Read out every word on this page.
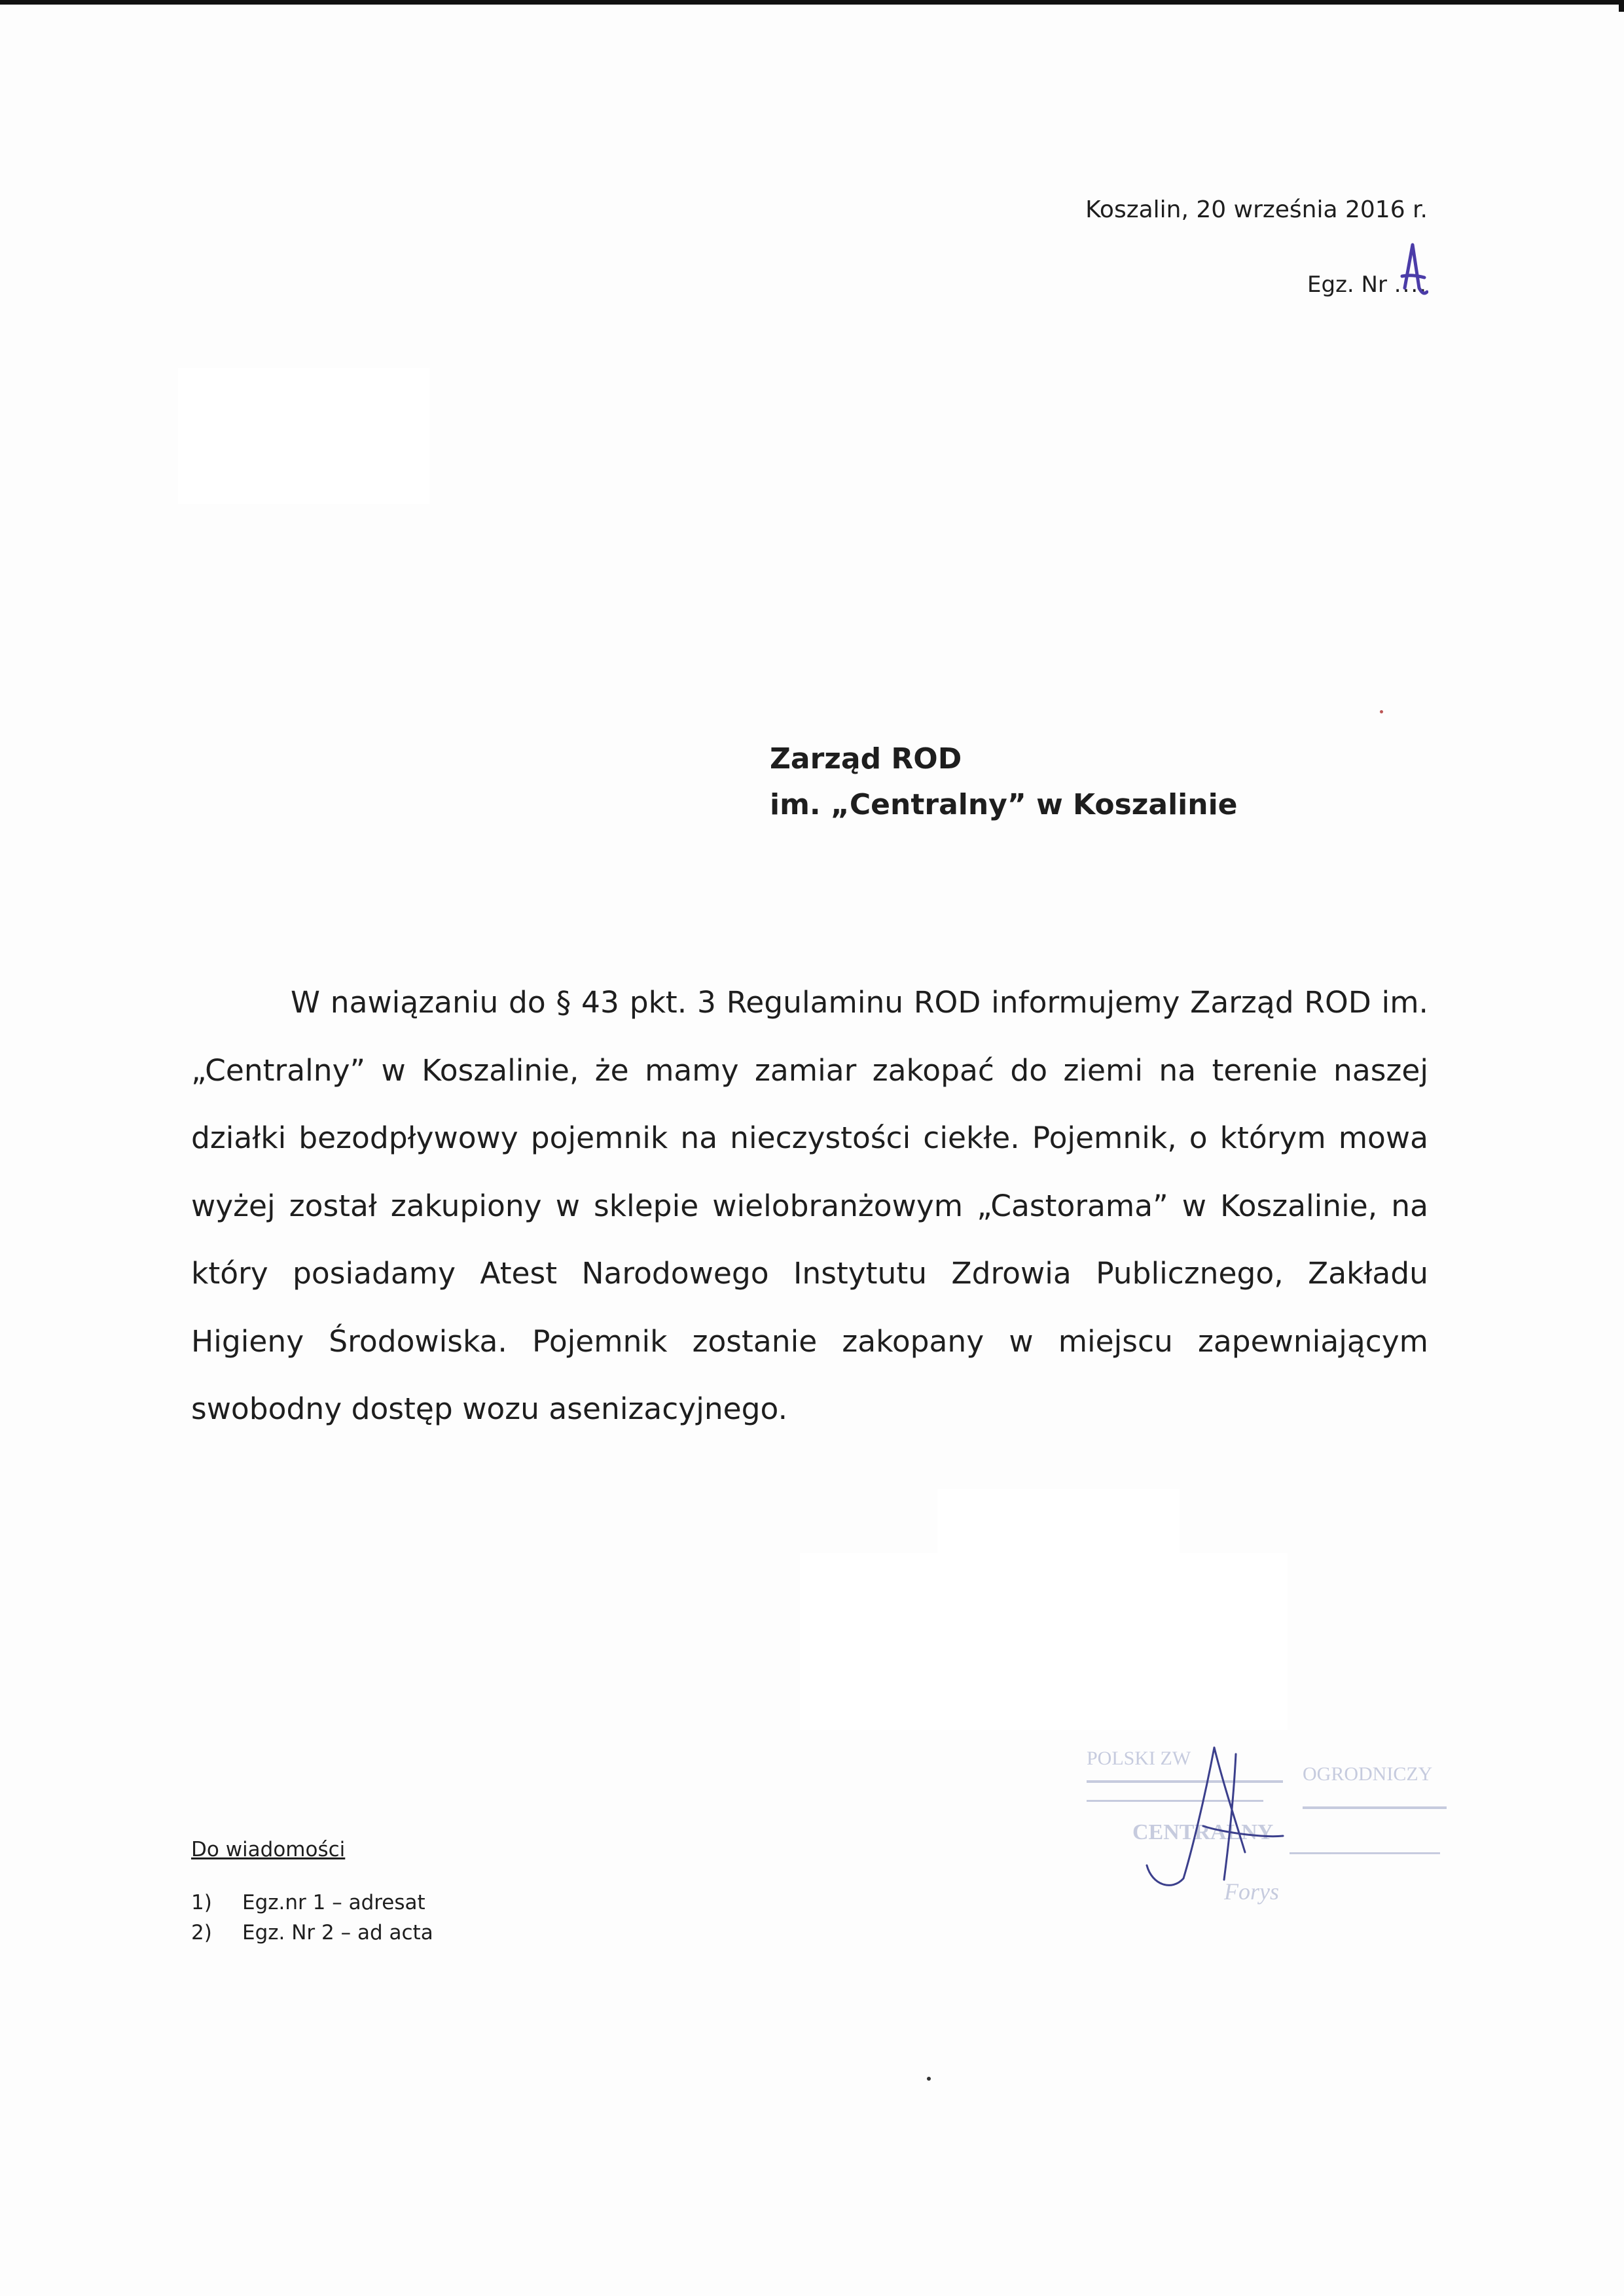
Koszalin, 20 września 2016 r.
Egz. Nr ....
Zarząd ROD
im. „Centralny” w Koszalinie

W nawiązaniu do § 43 pkt. 3 Regulaminu ROD informujemy Zarząd ROD im. „Centralny” w Koszalinie, że mamy zamiar zakopać do ziemi na terenie naszej działki bezodpływowy pojemnik na nieczystości ciekłe. Pojemnik, o którym mowa wyżej został zakupiony w sklepie wielobranżowym „Castorama” w Koszalinie, na który posiadamy Atest Narodowego Instytutu Zdrowia Publicznego, Zakładu Higieny Środowiska. Pojemnik zostanie zakopany w miejscu zapewniającym swobodny dostęp wozu asenizacyjnego.

POLSKI ZW
OGRODNICZY
CENTRALNY
Forys
Do wiadomości
1)	Egz.nr 1 – adresat
2)	Egz. Nr 2 – ad acta
